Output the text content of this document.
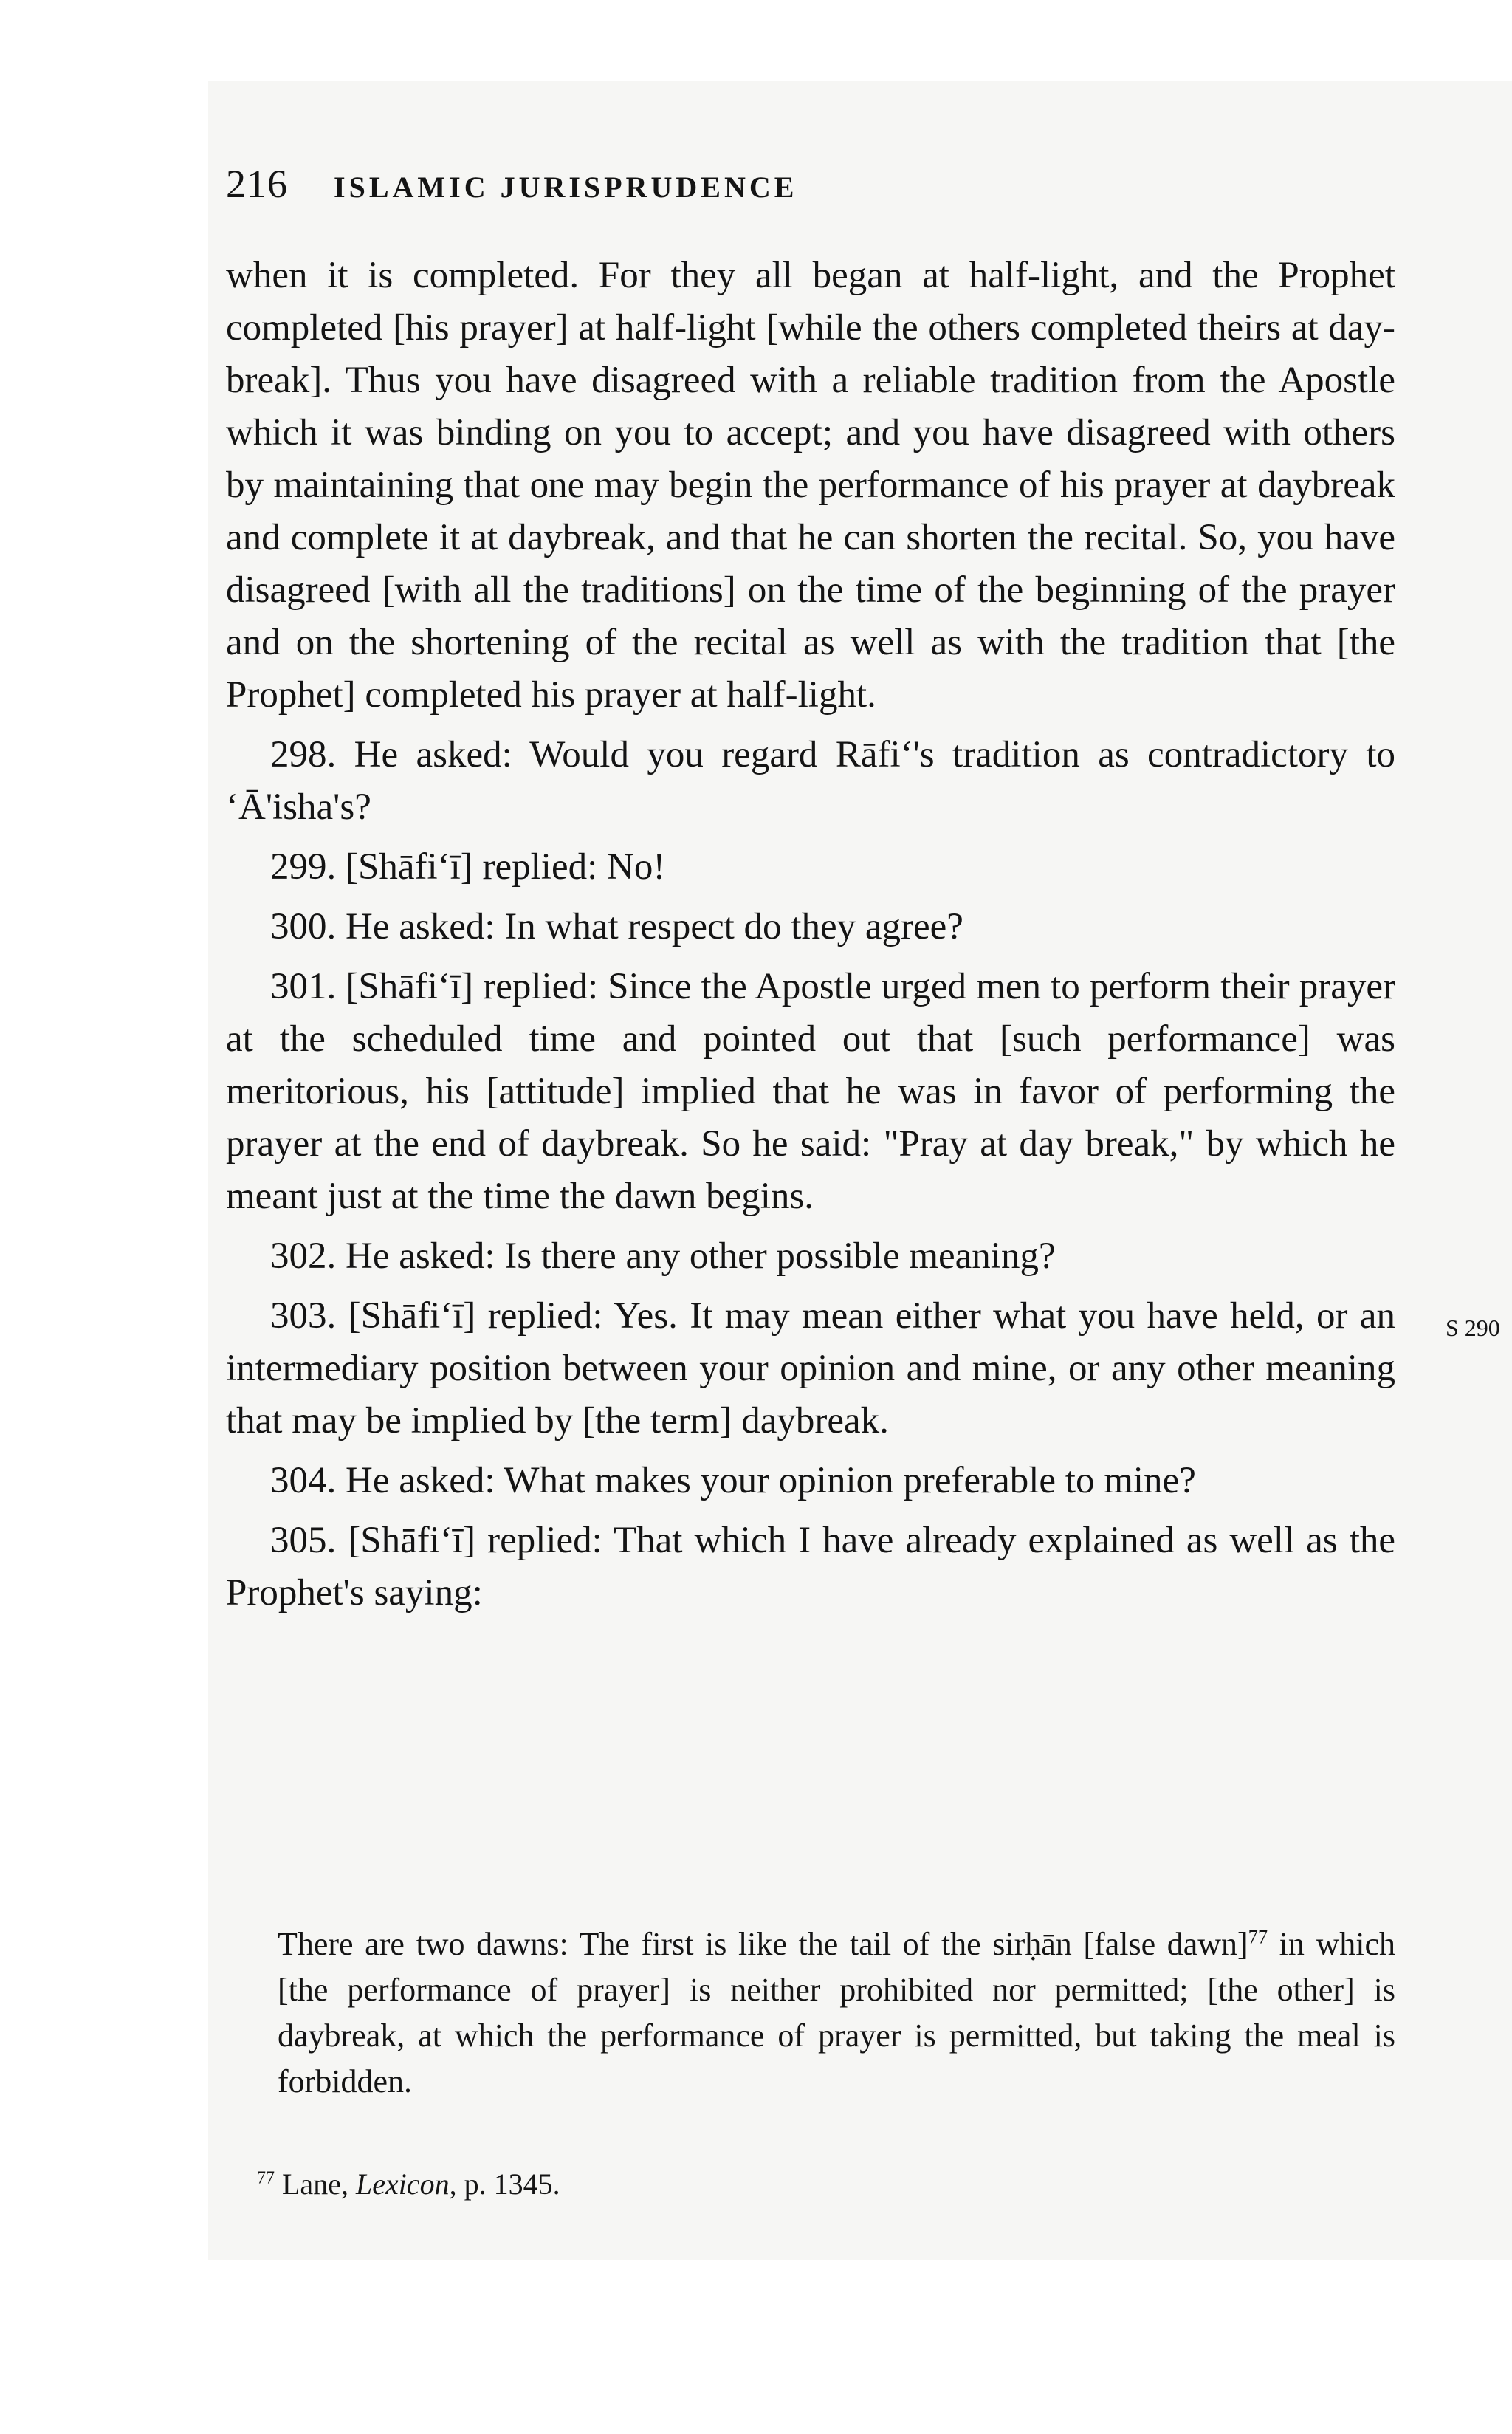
216 ISLAMIC JURISPRUDENCE

when it is completed. For they all began at half-light, and the Prophet completed [his prayer] at half-light [while the others completed theirs at day-break]. Thus you have disagreed with a reliable tradition from the Apostle which it was binding on you to accept; and you have disagreed with others by maintaining that one may begin the performance of his prayer at daybreak and complete it at daybreak, and that he can shorten the recital. So, you have disagreed [with all the traditions] on the time of the beginning of the prayer and on the shortening of the recital as well as with the tradition that [the Prophet] completed his prayer at half-light.

298. He asked: Would you regard Rāfi‘'s tradition as contradictory to ‘Ā'isha's?

299. [Shāfi‘ī] replied: No!

300. He asked: In what respect do they agree?

301. [Shāfi‘ī] replied: Since the Apostle urged men to perform their prayer at the scheduled time and pointed out that [such performance] was meritorious, his [attitude] implied that he was in favor of performing the prayer at the end of daybreak. So he said: "Pray at day break," by which he meant just at the time the dawn begins.

302. He asked: Is there any other possible meaning?

303. [Shāfi‘ī] replied: Yes. It may mean either what you have held, or an intermediary position between your opinion and mine, or any other meaning that may be implied by [the term] daybreak.

304. He asked: What makes your opinion preferable to mine?

305. [Shāfi‘ī] replied: That which I have already explained as well as the Prophet's saying:

There are two dawns: The first is like the tail of the sirḥān [false dawn]$^{77}$ in which [the performance of prayer] is neither prohibited nor permitted; [the other] is daybreak, at which the performance of prayer is permitted, but taking the meal is forbidden.

$^{77}$ Lane, Lexicon, p. 1345.
S 290
